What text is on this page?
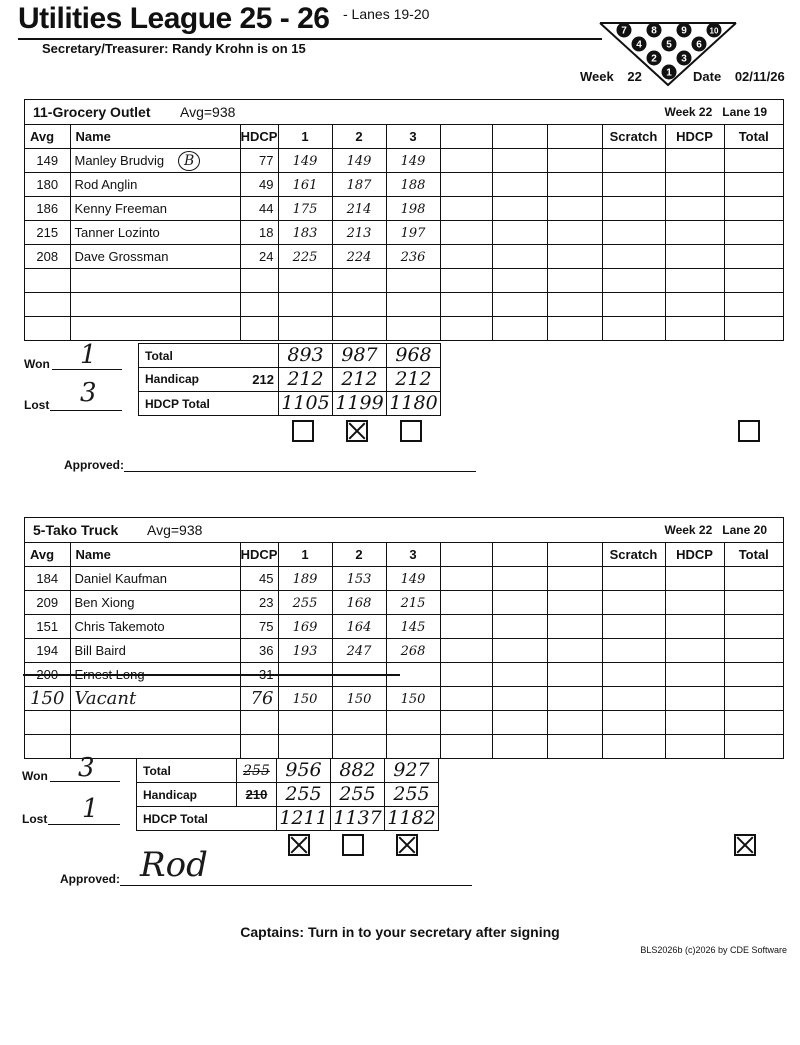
Utilities League 25 - 26 - Lanes 19-20
Secretary/Treasurer: Randy Krohn is on 15
7 8 9	10
4 5 6
2 3
1
Week 22	Date 02/11/26
11-Grocery Outlet Avg=938	Week 22 Lane 19
Avg	Name	HDCP	1	2	3				Scratch	HDCP	Total
149	Manley Brudvig B	77	149	149	149						
180	Rod Anglin	49	161	187	188						
186	Kenny Freeman	44	175	214	198						
215	Tanner Lozinto	18	183	213	197						
208	Dave Grossman	24	225	224	236						

Won 1
Lost 3
Total	893	987	968
Handicap 212	212	212	212
HDCP Total	1105	1199	1180
Approved:
5-Tako Truck Avg=938	Week 22 Lane 20
Avg	Name	HDCP	1	2	3				Scratch	HDCP	Total
184	Daniel Kaufman	45	189	153	149						
209	Ben Xiong	23	255	168	215						
151	Chris Takemoto	75	169	164	145						
194	Bill Baird	36	193	247	268						
200	Ernest Long	31									
150	Vacant	76	150	150	150						

Won 3
Lost 1
Total	255	956	882	927
Handicap	210	255	255	255
HDCP Total		1211	1137	1182
Approved: Rod
Captains: Turn in to your secretary after signing
BLS2026b (c)2026 by CDE Software
